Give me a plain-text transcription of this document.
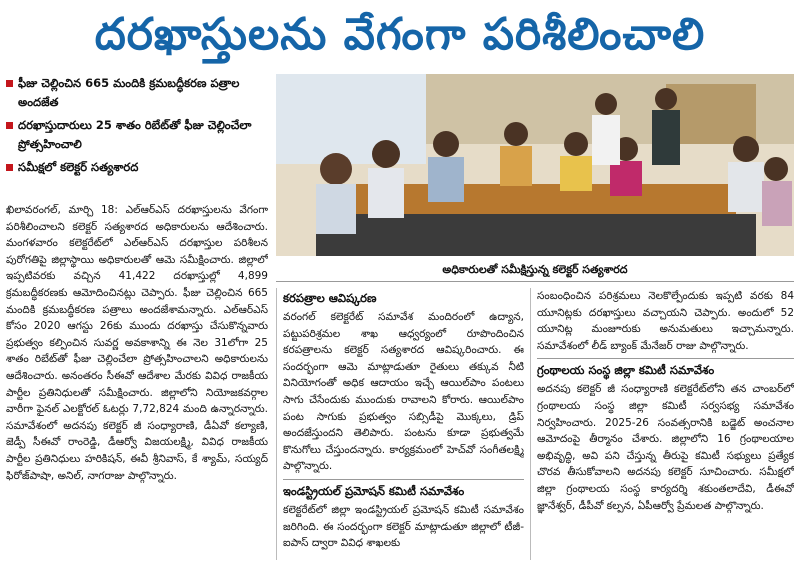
దరఖాస్తులను వేగంగా పరిశీలించాలి
ఫీజు చెల్లించిన 665 మందికి క్రమబద్ధీకరణ పత్రాల అందజేత
దరఖాస్తుదారులు 25 శాతం రిబేట్‌తో ఫీజు చెల్లించేలా ప్రోత్సహించాలి
సమీక్షలో కలెక్టర్ సత్యశారద

ఖిలావరంగల్, మార్చి 18: ఎల్ఆర్ఎస్ దరఖాస్తులను వేగంగా పరిశీలించాలని కలెక్టర్ సత్యశారద అధికారులను ఆదేశించారు. మంగళవారం కలెక్టరేట్‌లో ఎల్ఆర్ఎస్ దరఖాస్తుల పరిశీలన పురోగతిపై జిల్లాస్థాయి అధికారులతో ఆమె సమీక్షించారు. జిల్లాలో ఇప్పటివరకు వచ్చిన 41,422 దరఖాస్తుల్లో 4,899 క్రమబద్ధీకరణకు ఆమోదించినట్లు చెప్పారు. ఫీజు చెల్లించిన 665 మందికి క్రమబద్ధీకరణ పత్రాలు అందజేశామన్నారు. ఎల్ఆర్ఎస్ కోసం 2020 ఆగస్టు 26కు ముందు దరఖాస్తు చేసుకొన్నవారు ప్రభుత్వం కల్పించిన సువర్ణ అవకాశాన్ని ఈ నెల 31లోగా 25 శాతం రిబేట్‌తో ఫీజు చెల్లించేలా ప్రోత్సహించాలని అధికారులను ఆదేశించారు. అనంతరం సీఈవో ఆదేశాల మేరకు వివిధ రాజకీయ పార్టీల ప్రతినిధులతో సమీక్షించారు. జిల్లాలోని నియోజకవర్గాల వారీగా ఫైనల్ ఎలక్టోరల్ ఓటర్లు 7,72,824 మంది ఉన్నారన్నారు. సమావేశంలో అదనపు కలెక్టర్ జీ సంధ్యారాణి, డీఏవో కల్యాణి, జెడ్పీ సీఈవో రాంరెడ్డి, డీఆర్వో విజయలక్ష్మి, వివిధ రాజకీయ పార్టీల ప్రతినిధులు హరికిషన్, ఈవీ శ్రీనివాస్, కే శ్యామ్, సయ్యద్ ఫిరోజ్‌పాషా, అనిల్, నాగరాజు పాల్గొన్నారు.

అధికారులతో సమీక్షిస్తున్న కలెక్టర్ సత్యశారద
కరపత్రాల ఆవిష్కరణ

వరంగల్ కలెక్టరేట్ సమావేశ మందిరంలో ఉద్యాన, పట్టుపరిశ్రమల శాఖ ఆధ్వర్యంలో రూపొందించిన కరపత్రాలను కలెక్టర్ సత్యశారద ఆవిష్కరించారు. ఈ సందర్భంగా ఆమె మాట్లాడుతూ రైతులు తక్కువ నీటి వినియోగంతో అధిక ఆదాయం ఇచ్చే ఆయిల్‌పాం పంటలు సాగు చేసేందుకు ముందుకు రావాలని కోరారు. ఆయిల్‌పాం పంట సాగుకు ప్రభుత్వం సబ్సిడీపై మొక్కలు, డ్రిప్ అందజేస్తుందని తెలిపారు. పంటను కూడా ప్రభుత్వమే కొనుగోలు చేస్తుందన్నారు. కార్యక్రమంలో హెచ్‌వో సంగీతలక్ష్మి పాల్గొన్నారు.

ఇండస్ట్రియల్ ప్రమోషన్ కమిటీ సమావేశం

కలెక్టరేట్‌లో జిల్లా ఇండస్ట్రియల్ ప్రమోషన్ కమిటీ సమావేశం జరిగింది. ఈ సందర్భంగా కలెక్టర్ మాట్లాడుతూ జిల్లాలో టీజీ-ఐపాస్ ద్వారా వివిధ శాఖలకు

సంబంధించిన పరిశ్రమలు నెలకొల్పేందుకు ఇప్పటి వరకు 84 యూనిట్లకు దరఖాస్తులు వచ్చాయని చెప్పారు. అందులో 52 యూనిట్ల మంజూరుకు అనుమతులు ఇచ్చామన్నారు. సమావేశంలో లీడ్ బ్యాంక్ మేనేజర్ రాజు పాల్గొన్నారు.

గ్రంథాలయ సంస్థ జిల్లా కమిటీ సమావేశం

అదనపు కలెక్టర్ జీ సంధ్యారాణి కలెక్టరేట్‌లోని తన చాంబర్‌లో గ్రంథాలయ సంస్థ జిల్లా కమిటీ సర్వసభ్య సమావేశం నిర్వహించారు. 2025-26 సంవత్సరానికి బడ్జెట్ అంచనాల ఆమోదంపై తీర్మానం చేశారు. జిల్లాలోని 16 గ్రంథాలయాల అభివృద్ధి, అవి పని చేస్తున్న తీరుపై కమిటీ సభ్యులు ప్రత్యేక చొరవ తీసుకోవాలని అదనపు కలెక్టర్ సూచించారు. సమీక్షలో జిల్లా గ్రంథాలయ సంస్థ కార్యదర్శి శకుంతలాదేవి, డీఈవో జ్ఞానేశ్వర్, డీపీవో కల్పన, ఏపీఆర్వో ప్రేమలత పాల్గొన్నారు.
